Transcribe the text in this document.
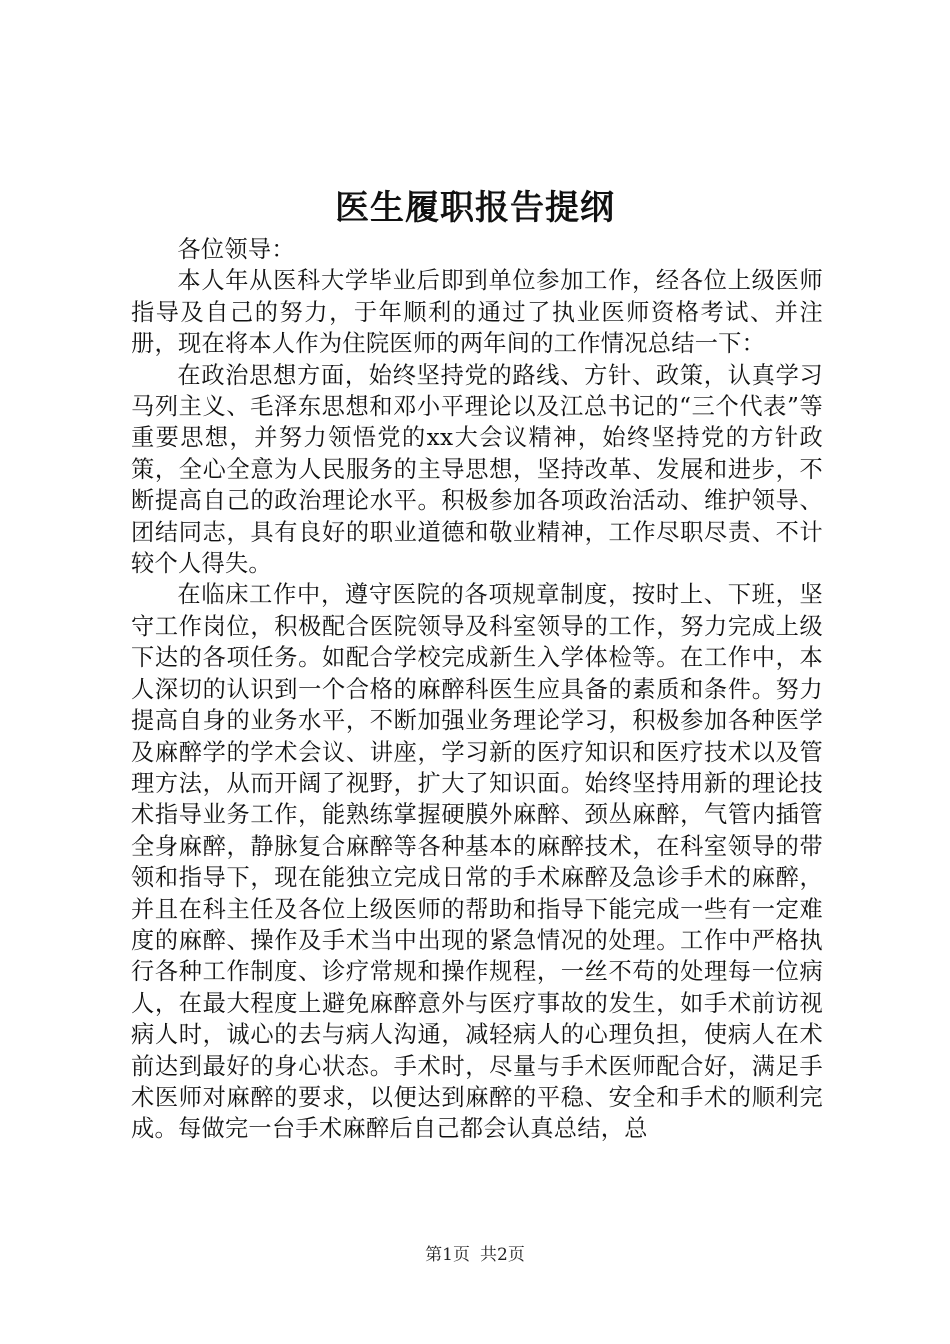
医生履职报告提纲

各位领导：

本人年从医科大学毕业后即到单位参加工作，经各位上级医师指导及自己的努力，于年顺利的通过了执业医师资格考试、并注册，现在将本人作为住院医师的两年间的工作情况总结一下：

在政治思想方面，始终坚持党的路线、方针、政策，认真学习马列主义、毛泽东思想和邓小平理论以及江总书记的“三个代表”等重要思想，并努力领悟党的xx大会议精神，始终坚持党的方针政策，全心全意为人民服务的主导思想，坚持改革、发展和进步，不断提高自己的政治理论水平。积极参加各项政治活动、维护领导、团结同志，具有良好的职业道德和敬业精神，工作尽职尽责、不计较个人得失。

在临床工作中，遵守医院的各项规章制度，按时上、下班，坚守工作岗位，积极配合医院领导及科室领导的工作，努力完成上级下达的各项任务。如配合学校完成新生入学体检等。在工作中，本人深切的认识到一个合格的麻醉科医生应具备的素质和条件。努力提高自身的业务水平，不断加强业务理论学习，积极参加各种医学及麻醉学的学术会议、讲座，学习新的医疗知识和医疗技术以及管理方法，从而开阔了视野，扩大了知识面。始终坚持用新的理论技术指导业务工作，能熟练掌握硬膜外麻醉、颈丛麻醉，气管内插管全身麻醉，静脉复合麻醉等各种基本的麻醉技术，在科室领导的带领和指导下，现在能独立完成日常的手术麻醉及急诊手术的麻醉，并且在科主任及各位上级医师的帮助和指导下能完成一些有一定难度的麻醉、操作及手术当中出现的紧急情况的处理。工作中严格执行各种工作制度、诊疗常规和操作规程，一丝不苟的处理每一位病人，在最大程度上避免麻醉意外与医疗事故的发生，如手术前访视病人时，诚心的去与病人沟通，减轻病人的心理负担，使病人在术前达到最好的身心状态。手术时，尽量与手术医师配合好，满足手术医师对麻醉的要求，以便达到麻醉的平稳、安全和手术的顺利完成。每做完一台手术麻醉后自己都会认真总结，总

第1页 共2页
